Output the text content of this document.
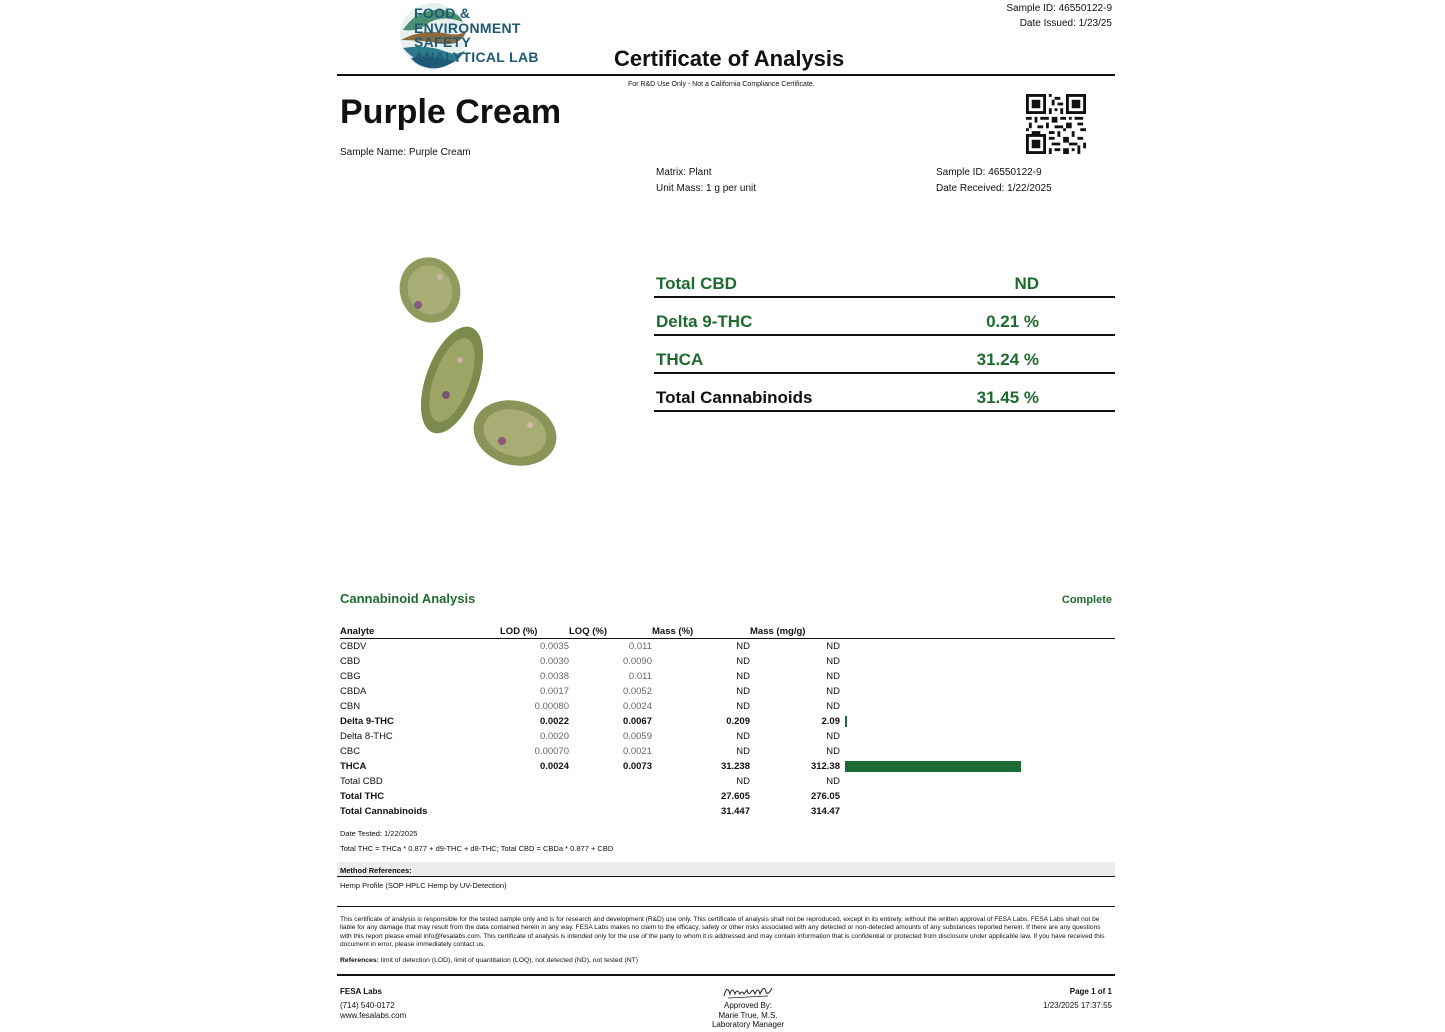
FOOD &
ENVIRONMENT
SAFETY
ANALYTICAL LAB
Sample ID: 46550122-9
Date Issued: 1/23/25
Certificate of Analysis
For R&D Use Only - Not a California Compliance Certificate.
Purple Cream
Sample Name: Purple Cream
Matrix: Plant
Unit Mass: 1 g per unit
Sample ID: 46550122-9
Date Received: 1/22/2025
Total CBD	ND
Delta 9-THC	0.21 %
THCA	31.24 %
Total Cannabinoids	31.45 %
Cannabinoid Analysis	Complete
Analyte	LOD (%)	LOQ (%)	Mass (%)	Mass (mg/g)	
CBDV	0.0035	0.011	ND	ND	
CBD	0.0030	0.0090	ND	ND	
CBG	0.0038	0.011	ND	ND	
CBDA	0.0017	0.0052	ND	ND	
CBN	0.00080	0.0024	ND	ND	
Delta 9-THC	0.0022	0.0067	0.209	2.09	

Delta 8-THC	0.0020	0.0059	ND	ND	
CBC	0.00070	0.0021	ND	ND	
THCA	0.0024	0.0073	31.238	312.38	

Total CBD			ND	ND	
Total THC			27.605	276.05	
Total Cannabinoids			31.447	314.47	
Date Tested: 1/22/2025
Total THC = THCa * 0.877 + d9-THC + d8-THC; Total CBD = CBDa * 0.877 + CBD
Method References:
Hemp Profile (SOP HPLC Hemp by UV-Detection)
This certificate of analysis is responsible for the tested sample only and is for research and development (R&D) use only. This certificate of analysis shall not be reproduced, except in its entirety, without the written approval of FESA Labs. FESA Labs shall not be liable for any damage that may result from the data contained herein in any way. FESA Labs makes no claim to the efficacy, safety or other risks associated with any detected or non-detected amounts of any substances reported herein. If there are any questions with this report please email info@fesalabs.com. This certificate of analysis is intended only for the use of the party to whom it is addressed and may contain information that is confidential or protected from disclosure under applicable law. If you have received this document in error, please immediately contact us.
References: limit of detection (LOD), limit of quantitation (LOQ), not detected (ND), not tested (NT)
FESA Labs
(714) 540-0172
www.fesalabs.com
Approved By:
Marie True, M.S.
Laboratory Manager
Page 1 of 1
1/23/2025 17:37:55
